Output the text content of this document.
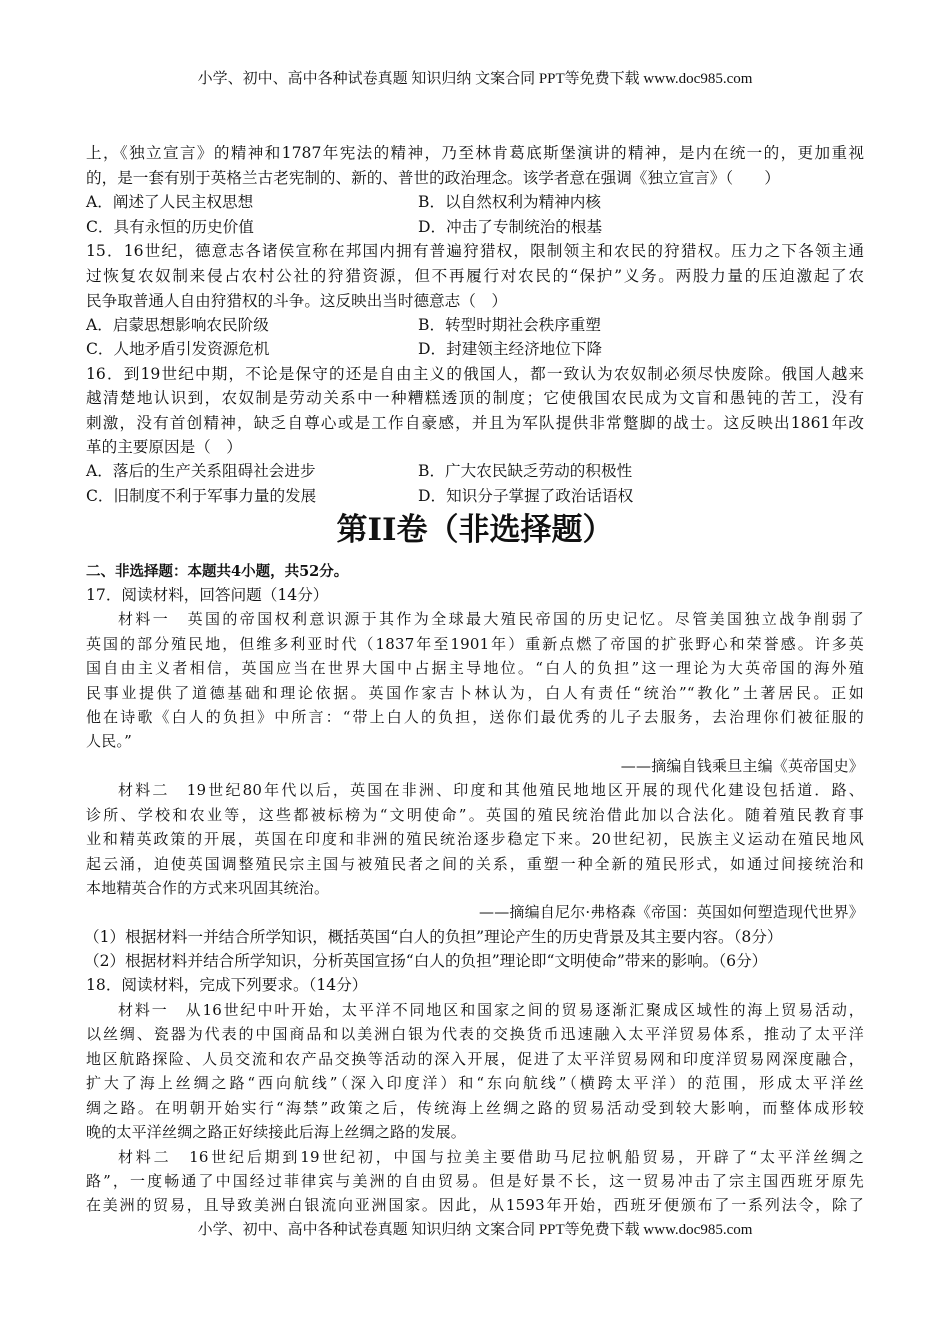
小学、初中、高中各种试卷真题 知识归纳 文案合同 PPT等免费下载 www.doc985.com
上，《独立宣言》的精神和1787年宪法的精神，乃至林肯葛底斯堡演讲的精神，是内在统一的，更加重视
的，是一套有别于英格兰古老宪制的、新的、普世的政治理念。该学者意在强调《独立宣言》（　　）
A．阐述了人民主权思想	B．以自然权利为精神内核
C．具有永恒的历史价值	D．冲击了专制统治的根基
15．16世纪，德意志各诸侯宣称在邦国内拥有普遍狩猎权，限制领主和农民的狩猎权。压力之下各领主通
过恢复农奴制来侵占农村公社的狩猎资源，但不再履行对农民的“保护”义务。两股力量的压迫激起了农
民争取普通人自由狩猎权的斗争。这反映出当时德意志（　）
A．启蒙思想影响农民阶级	B．转型时期社会秩序重塑
C．人地矛盾引发资源危机	D．封建领主经济地位下降
16．到19世纪中期，不论是保守的还是自由主义的俄国人，都一致认为农奴制必须尽快废除。俄国人越来
越清楚地认识到，农奴制是劳动关系中一种糟糕透顶的制度；它使俄国农民成为文盲和愚钝的苦工，没有
刺激，没有首创精神，缺乏自尊心或是工作自豪感，并且为军队提供非常蹩脚的战士。这反映出1861年改
革的主要原因是（　）
A．落后的生产关系阻碍社会进步	B．广大农民缺乏劳动的积极性
C．旧制度不利于军事力量的发展	D．知识分子掌握了政治话语权
第II卷（非选择题）
二、非选择题：本题共4小题，共52分。
17．阅读材料，回答问题（14分）
材料一　英国的帝国权利意识源于其作为全球最大殖民帝国的历史记忆。尽管美国独立战争削弱了
英国的部分殖民地，但维多利亚时代（1837年至1901年）重新点燃了帝国的扩张野心和荣誉感。许多英
国自由主义者相信，英国应当在世界大国中占据主导地位。“白人的负担”这一理论为大英帝国的海外殖
民事业提供了道德基础和理论依据。英国作家吉卜林认为，白人有责任“统治”“教化”土著居民。正如
他在诗歌《白人的负担》中所言：“带上白人的负担，送你们最优秀的儿子去服务，去治理你们被征服的
人民。”
——摘编自钱乘旦主编《英帝国史》
材料二　19世纪80年代以后，英国在非洲、印度和其他殖民地地区开展的现代化建设包括道．路、
诊所、学校和农业等，这些都被标榜为“文明使命”。英国的殖民统治借此加以合法化。随着殖民教育事
业和精英政策的开展，英国在印度和非洲的殖民统治逐步稳定下来。20世纪初，民族主义运动在殖民地风
起云涌，迫使英国调整殖民宗主国与被殖民者之间的关系，重塑一种全新的殖民形式，如通过间接统治和
本地精英合作的方式来巩固其统治。
——摘编自尼尔·弗格森《帝国：英国如何塑造现代世界》
（1）根据材料一并结合所学知识，概括英国“白人的负担”理论产生的历史背景及其主要内容。（8分）
（2）根据材料并结合所学知识，分析英国宣扬“白人的负担”理论即“文明使命”带来的影响。（6分）
18．阅读材料，完成下列要求。（14分）
材料一　从16世纪中叶开始，太平洋不同地区和国家之间的贸易逐渐汇聚成区域性的海上贸易活动，
以丝绸、瓷器为代表的中国商品和以美洲白银为代表的交换货币迅速融入太平洋贸易体系，推动了太平洋
地区航路探险、人员交流和农产品交换等活动的深入开展，促进了太平洋贸易网和印度洋贸易网深度融合，
扩大了海上丝绸之路“西向航线”（深入印度洋）和“东向航线”（横跨太平洋）的范围，形成太平洋丝
绸之路。在明朝开始实行“海禁”政策之后，传统海上丝绸之路的贸易活动受到较大影响，而整体成形较
晚的太平洋丝绸之路正好续接此后海上丝绸之路的发展。
材料二　16世纪后期到19世纪初，中国与拉美主要借助马尼拉帆船贸易，开辟了“太平洋丝绸之
路”，一度畅通了中国经过菲律宾与美洲的自由贸易。但是好景不长，这一贸易冲击了宗主国西班牙原先
在美洲的贸易，且导致美洲白银流向亚洲国家。因此，从1593年开始，西班牙便颁布了一系列法令，除了
小学、初中、高中各种试卷真题 知识归纳 文案合同 PPT等免费下载 www.doc985.com
